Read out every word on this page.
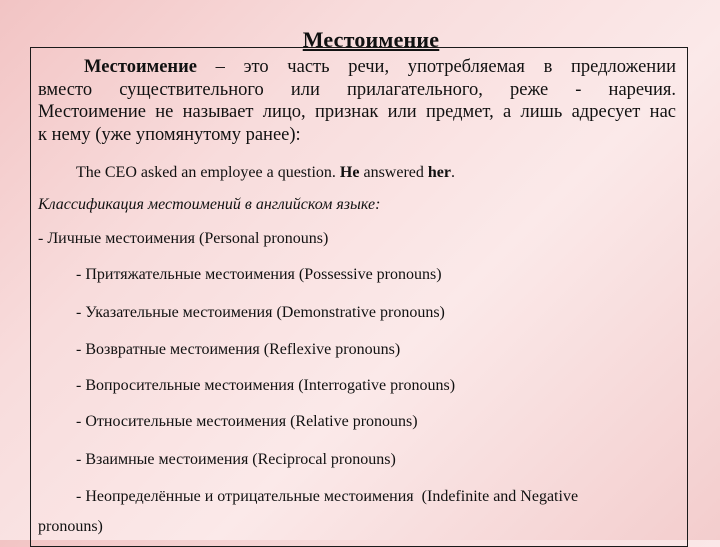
Местоимение
Местоимение – это часть речи, употребляемая в предложении
вместо существительного или прилагательного, реже - наречия.
Местоимение не называет лицо, признак или предмет, а лишь адресует нас
к нему (уже упомянутому ранее):
The CEO asked an employee a question. He answered her.
Классификация местоимений в английском языке:
- Личные местоимения (Personal pronouns)
- Притяжательные местоимения (Possessive pronouns)
- Указательные местоимения (Demonstrative pronouns)
- Возвратные местоимения (Reflexive pronouns)
- Вопросительные местоимения (Interrogative pronouns)
- Относительные местоимения (Relative pronouns)
- Взаимные местоимения (Reciprocal pronouns)
- Неопределённые и отрицательные местоимения  (Indefinite and Negative
pronouns)
